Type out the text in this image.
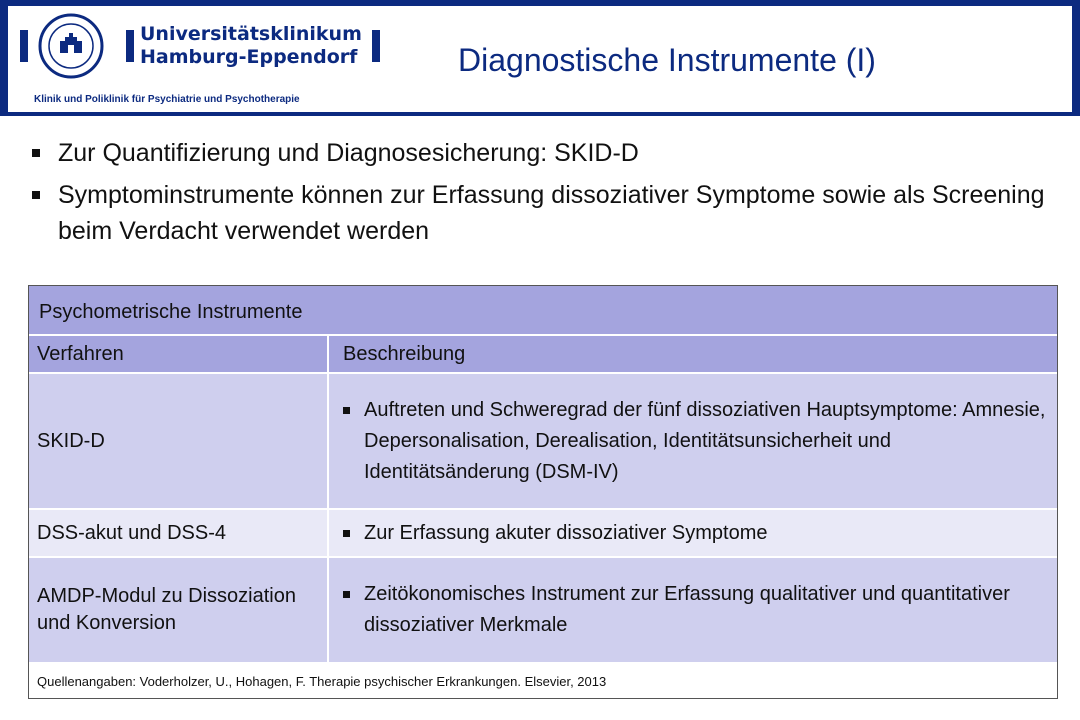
Universitätsklinikum
Hamburg-Eppendorf
Klinik und Poliklinik für Psychiatrie und Psychotherapie
Diagnostische Instrumente (I)
Zur Quantifizierung und Diagnosesicherung: SKID-D
Symptominstrumente können zur Erfassung dissoziativer Symptome sowie als Screening beim Verdacht verwendet werden
Psychometrische Instrumente
Verfahren	Beschreibung
SKID-D
Auftreten und Schweregrad der fünf dissoziativen Hauptsymptome: Amnesie, Depersonalisation, Derealisation, Identitätsunsicherheit und Identitätsänderung (DSM-IV)
DSS-akut und DSS-4	Zur Erfassung akuter dissoziativer Symptome
AMDP-Modul zu Dissoziation und Konversion
Zeitökonomisches Instrument zur Erfassung qualitativer und quantitativer dissoziativer Merkmale
Quellenangaben: Voderholzer, U., Hohagen, F. Therapie psychischer Erkrankungen. Elsevier, 2013
